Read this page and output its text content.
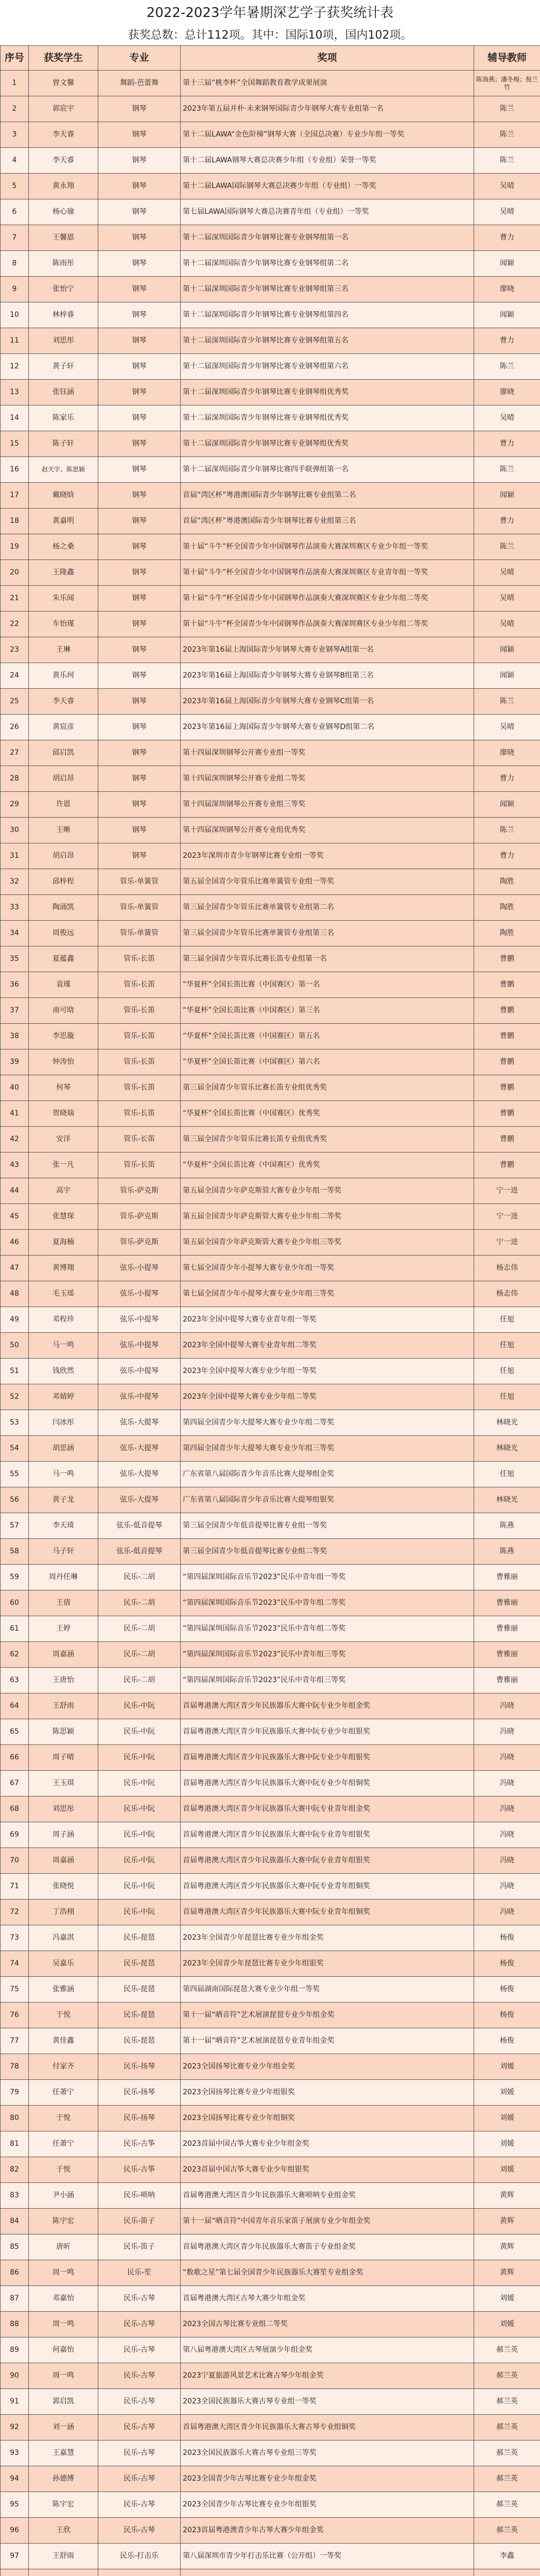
2022-2023学年暑期深艺学子获奖统计表
获奖总数：总计112项。其中：国际10项，国内102项。
序号	获奖学生	专业	奖项	辅导教师
1	曾文馨	舞蹈-芭蕾舞	第十三届“桃李杯”全国舞蹈教育教学成果展演	陈海燕；潘冬梅；倪兰竹
2	郭宸宇	钢琴	2023年第五届并朴·未来钢琴国际青少年钢琴大赛专业组第一名	陈兰
3	李天睿	钢琴	第十二届LAWA“金色阶梯”钢琴大赛（全国总决赛）专业少年组一等奖	陈兰
4	李天睿	钢琴	第十二届LAWA钢琴大赛总决赛少年组（专业组）荣誉一等奖	陈兰
5	黄永翔	钢琴	第十二届LAWA国际钢琴大赛总决赛少年组（专业组）一等奖	吴晴
6	杨心瑜	钢琴	第七届LAWA国际钢琴大赛总决赛青年组（专业组）一等奖	吴晴
7	王馨恩	钢琴	第十二届深圳国际青少年钢琴比赛专业钢琴组第一名	曹力
8	陈雨彤	钢琴	第十二届深圳国际青少年钢琴比赛专业钢琴组第二名	闻颖
9	张怡宁	钢琴	第十二届深圳国际青少年钢琴比赛专业钢琴组第三名	廖晓
10	林梓睿	钢琴	第十二届深圳国际青少年钢琴比赛专业钢琴组第四名	闻颖
11	刘思彤	钢琴	第十二届深圳国际青少年钢琴比赛专业钢琴组第五名	曹力
12	黄子轩	钢琴	第十二届深圳国际青少年钢琴比赛专业钢琴组第六名	陈兰
13	张钰涵	钢琴	第十二届深圳国际青少年钢琴比赛专业钢琴组优秀奖	廖晓
14	陈家乐	钢琴	第十二届深圳国际青少年钢琴比赛专业钢琴组优秀奖	吴晴
15	陈子轩	钢琴	第十二届深圳国际青少年钢琴比赛专业钢琴组优秀奖	曹力
16	赵天宇、陈思颖	钢琴	第十二届深圳国际青少年钢琴比赛四手联弹组第一名	陈兰
17	戴晓晗	钢琴	首届“湾区杯”粤港澳国际青少年钢琴比赛专业组第二名	闻颖
18	黄嘉明	钢琴	首届“湾区杯”粤港澳国际青少年钢琴比赛专业组第三名	曹力
19	杨之桑	钢琴	第十届“斗牛”杯全国青少年中国钢琴作品演奏大赛深圳赛区专业少年组一等奖	陈兰
20	王隆鑫	钢琴	第十届“斗牛”杯全国青少年中国钢琴作品演奏大赛深圳赛区专业青年组一等奖	吴晴
21	朱乐闻	钢琴	第十届“斗牛”杯全国青少年中国钢琴作品演奏大赛深圳赛区专业少年组二等奖	吴晴
22	车怡瑾	钢琴	第十届“斗牛”杯全国青少年中国钢琴作品演奏大赛深圳赛区专业少年组二等奖	吴晴
23	王琳	钢琴	2023年第16届上海国际青少年钢琴大赛专业钢琴A组第一名	闻颖
24	黄乐珂	钢琴	2023年第16届上海国际青少年钢琴大赛专业钢琴B组第三名	闻颖
25	李天睿	钢琴	2023年第16届上海国际青少年钢琴大赛专业钢琴C组第一名	陈兰
26	黄宸彦	钢琴	2023年第16届上海国际青少年钢琴大赛专业钢琴D组第二名	吴晴
27	邱启凯	钢琴	第十四届深圳钢琴公开赛专业组一等奖	廖晓
28	胡启昂	钢琴	第十四届深圳钢琴公开赛专业组二等奖	曹力
29	许恩	钢琴	第十四届深圳钢琴公开赛专业组三等奖	闻颖
30	王晰	钢琴	第十四届深圳钢琴公开赛专业组优秀奖	陈兰
31	胡启昂	钢琴	2023年深圳市青少年钢琴比赛专业组一等奖	曹力
32	邱梓程	管乐-单簧管	第五届全国青少年管乐比赛单簧管专业组一等奖	陶胜
33	陶涌凯	管乐-单簧管	第三届全国青少年管乐比赛单簧管专业组第二名	陶胜
34	周俊远	管乐-单簧管	第三届全国青少年管乐比赛单簧管专业组第三名	陶胜
35	夏蕴鑫	管乐-长笛	第三届全国青少年管乐比赛长笛专业组第一名	曹鹏
36	袁瑾	管乐-长笛	“华夏杯”全国长笛比赛（中国赛区）第一名	曹鹏
37	南可晗	管乐-长笛	“华夏杯”全国长笛比赛（中国赛区）第三名	曹鹏
38	李思璇	管乐-长笛	“华夏杯”全国长笛比赛（中国赛区）第五名	曹鹏
39	钟涛怡	管乐-长笛	“华夏杯”全国长笛比赛（中国赛区）第六名	曹鹏
40	何琴	管乐-长笛	第三届全国青少年管乐比赛长笛专业组优秀奖	曹鹏
41	贺晓瑞	管乐-长笛	“华夏杯”全国长笛比赛（中国赛区）优秀奖	曹鹏
42	安洋	管乐-长笛	第三届全国青少年管乐比赛长笛专业组优秀奖	曹鹏
43	张一凡	管乐-长笛	“华夏杯”全国长笛比赛（中国赛区）优秀奖	曹鹏
44	高宇	管乐-萨克斯	第五届全国青少年萨克斯管大赛专业少年组一等奖	宁一进
45	张慧琛	管乐-萨克斯	第五届全国青少年萨克斯管大赛专业少年组二等奖	宁一进
46	夏海楠	管乐-萨克斯	第五届全国青少年萨克斯管大赛专业少年组三等奖	宁一进
47	黄博翔	弦乐-小提琴	第七届全国青少年小提琴大赛专业少年组一等奖	杨志伟
48	毛玉瑶	弦乐-小提琴	第七届全国青少年小提琴大赛专业少年组三等奖	杨志伟
49	邓程珍	弦乐-中提琴	2023年全国中提琴大赛专业青年组一等奖	任旭
50	马一鸣	弦乐-中提琴	2023年全国中提琴大赛专业青年组二等奖	任旭
51	钱欣然	弦乐-中提琴	2023年全国中提琴大赛专业少年组一等奖	任旭
52	邓婧婷	弦乐-中提琴	2023年全国中提琴大赛专业少年组二等奖	任旭
53	闫冰彤	弦乐-大提琴	第四届全国青少年大提琴大赛专业少年组二等奖	林晓光
54	胡思涵	弦乐-大提琴	第四届全国青少年大提琴大赛专业少年组三等奖	林晓光
55	马一鸣	弦乐-大提琴	广东省第八届国际青少年音乐比赛大提琴组金奖	任旭
56	黄子龙	弦乐-大提琴	广东省第八届国际青少年音乐比赛大提琴组银奖	林晓光
57	李天琦	弦乐-低音提琴	第三届全国青少年低音提琴比赛专业组一等奖	陈燕
58	马子轩	弦乐-低音提琴	第三届全国青少年低音提琴比赛专业组二等奖	陈燕
59	周丹任琳	民乐-二胡	“第四届深圳国际音乐节2023”民乐中青年组一等奖	曹雅丽
60	王倩	民乐-二胡	“第四届深圳国际音乐节2023”民乐中青年组二等奖	曹雅丽
61	王婷	民乐-二胡	“第四届深圳国际音乐节2023”民乐中青年组二等奖	曹雅丽
62	周嘉涵	民乐-二胡	“第四届深圳国际音乐节2023”民乐中青年组三等奖	曹雅丽
63	王唐怡	民乐-二胡	“第四届深圳国际音乐节2023”民乐中青年组三等奖	曹雅丽
64	王舒雨	民乐-中阮	首届粤港澳大湾区青少年民族器乐大赛中阮专业少年组金奖	冯晓
65	陈思颖	民乐-中阮	首届粤港澳大湾区青少年民族器乐大赛中阮专业少年组银奖	冯晓
66	周子晴	民乐-中阮	首届粤港澳大湾区青少年民族器乐大赛中阮专业少年组银奖	冯晓
67	王玉琪	民乐-中阮	首届粤港澳大湾区青少年民族器乐大赛中阮专业少年组铜奖	冯晓
68	刘思彤	民乐-中阮	首届粤港澳大湾区青少年民族器乐大赛中阮专业青年组金奖	冯晓
69	周子涵	民乐-中阮	首届粤港澳大湾区青少年民族器乐大赛中阮专业青年组银奖	冯晓
70	周嘉涵	民乐-中阮	首届粤港澳大湾区青少年民族器乐大赛中阮专业青年组银奖	冯晓
71	张晓悦	民乐-中阮	首届粤港澳大湾区青少年民族器乐大赛中阮专业青年组铜奖	冯晓
72	丁浩栩	民乐-中阮	首届粤港澳大湾区青少年民族器乐大赛中阮专业青年组铜奖	冯晓
73	冯嘉淇	民乐-琵琶	2023年全国青少年琵琶比赛专业少年组金奖	杨俊
74	吴嘉乐	民乐-琵琶	2023年全国青少年琵琶比赛专业少年组银奖	杨俊
75	张雅涵	民乐-琵琶	第四届湖南国际琵琶大赛专业少年组一等奖	杨俊
76	于悦	民乐-琵琶	第十一届“晒音符”艺术展演琵琶专业少年组金奖	杨俊
77	黄佳鑫	民乐-琵琶	第十一届“晒音符”艺术展演琵琶专业青年组金奖	杨俊
78	付家齐	民乐-扬琴	2023全国扬琴比赛专业少年组金奖	刘媛
79	任萧宁	民乐-扬琴	2023全国扬琴比赛专业少年组银奖	刘媛
80	于悦	民乐-扬琴	2023全国扬琴比赛专业少年组铜奖	刘媛
81	任萧宁	民乐-古筝	2023首届中国古筝大赛专业少年组金奖	刘媛
82	于悦	民乐-古筝	2023首届中国古筝大赛专业少年组银奖	刘媛
83	尹小涵	民乐-唢呐	首届粤港澳大湾区青少年民族器乐大赛唢呐专业组金奖	黄辉
84	陈宇宏	民乐-笛子	第十一届“晒音符”中国青年音乐家笛子展演专业少年组金奖	黄辉
85	唐昕	民乐-笛子	首届粤港澳大湾区青少年民族器乐大赛笛子专业组金奖	黄辉
86	周一鸣	民乐-笙	“数歌之星”第七届全国青少年民族器乐大赛笙专业组金奖	黄辉
87	邓嘉怡	民乐-古琴	首届粤港澳大湾区古琴大赛少年组金奖	刘媛
88	周一鸣	民乐-古琴	2023全国古琴比赛专业组二等奖	刘媛
89	何嘉怡	民乐-古琴	第八届粤港澳大湾区古琴展演少年组金奖	郝兰英
90	周一鸣	民乐-古琴	2023宁夏旅游风景艺术比赛古琴少年组金奖	郝兰英
91	郭启凯	民乐-古琴	2023全国民族器乐大赛古琴专业组一等奖	郝兰英
92	刘一涵	民乐-古琴	首届粤港澳大湾区青少年民族器乐大赛古琴专业组铜奖	郝兰英
93	王嘉慧	民乐-古琴	2023全国民族器乐大赛古琴专业组三等奖	郝兰英
94	孙德博	民乐-古琴	2023全国青少年古琴比赛专业少年组金奖	郝兰英
95	陈宇宏	民乐-古琴	2023全国青少年古琴比赛专业少年组银奖	郝兰英
96	王欣	民乐-古琴	2023首届粤港澳青少年古琴大赛少年组金奖	郝兰英
97	王舒雨	民乐-打击乐	第八届深圳市青少年打击乐比赛（公开组）一等奖	李鑫
